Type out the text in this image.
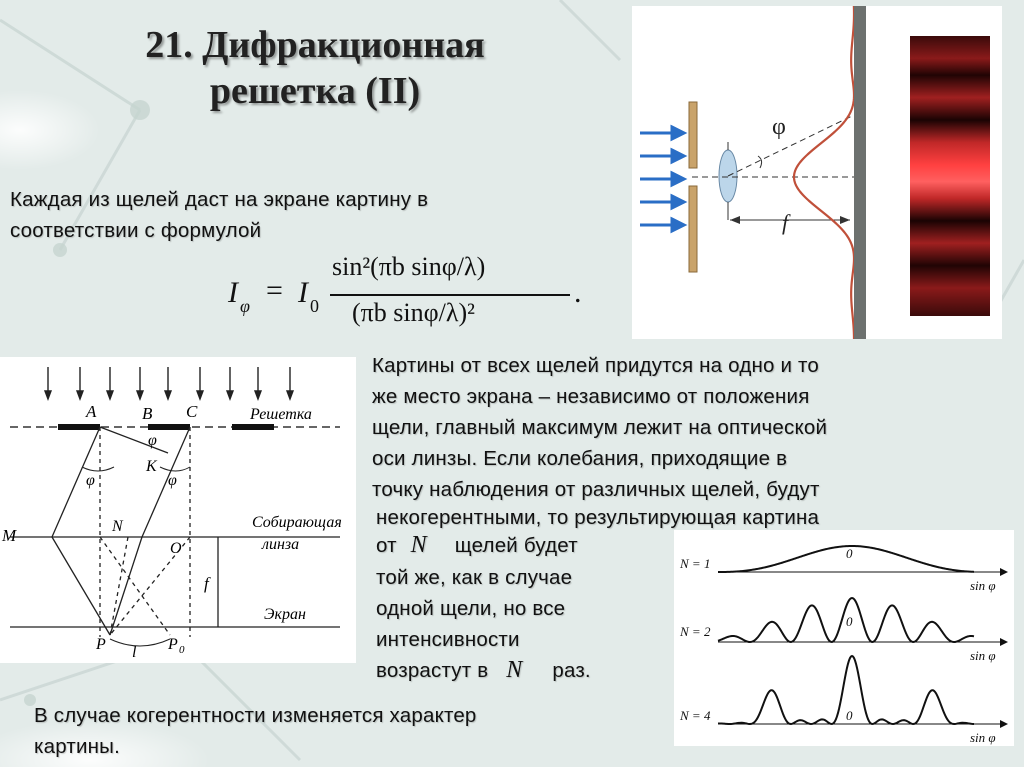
21. Дифракционная
решетка (II)
Каждая из щелей даст на экране картину в
соответствии с формулой
I φ = I 0
sin²(πb sinφ/λ)
(πb sinφ/λ)²
.
φ
f
A	B C	Решетка
φ
φ	φ
K
M	N
O
Собирающая
линза
f
Экран
P l P 0
Картины от всех щелей придутся на одно и то
же место экрана – независимо от положения
щели, главный максимум лежит на оптической
оси линзы. Если колебания, приходящие в
точку наблюдения от различных щелей, будут
некогерентными, то результирующая картина
от N щелей будет
той же, как в случае
одной щели, но все
интенсивности
возрастут в N раз.
N = 1
N = 2
N = 4
0
0
0
sin φ
sin φ
sin φ
В случае когерентности изменяется характер
картины.
